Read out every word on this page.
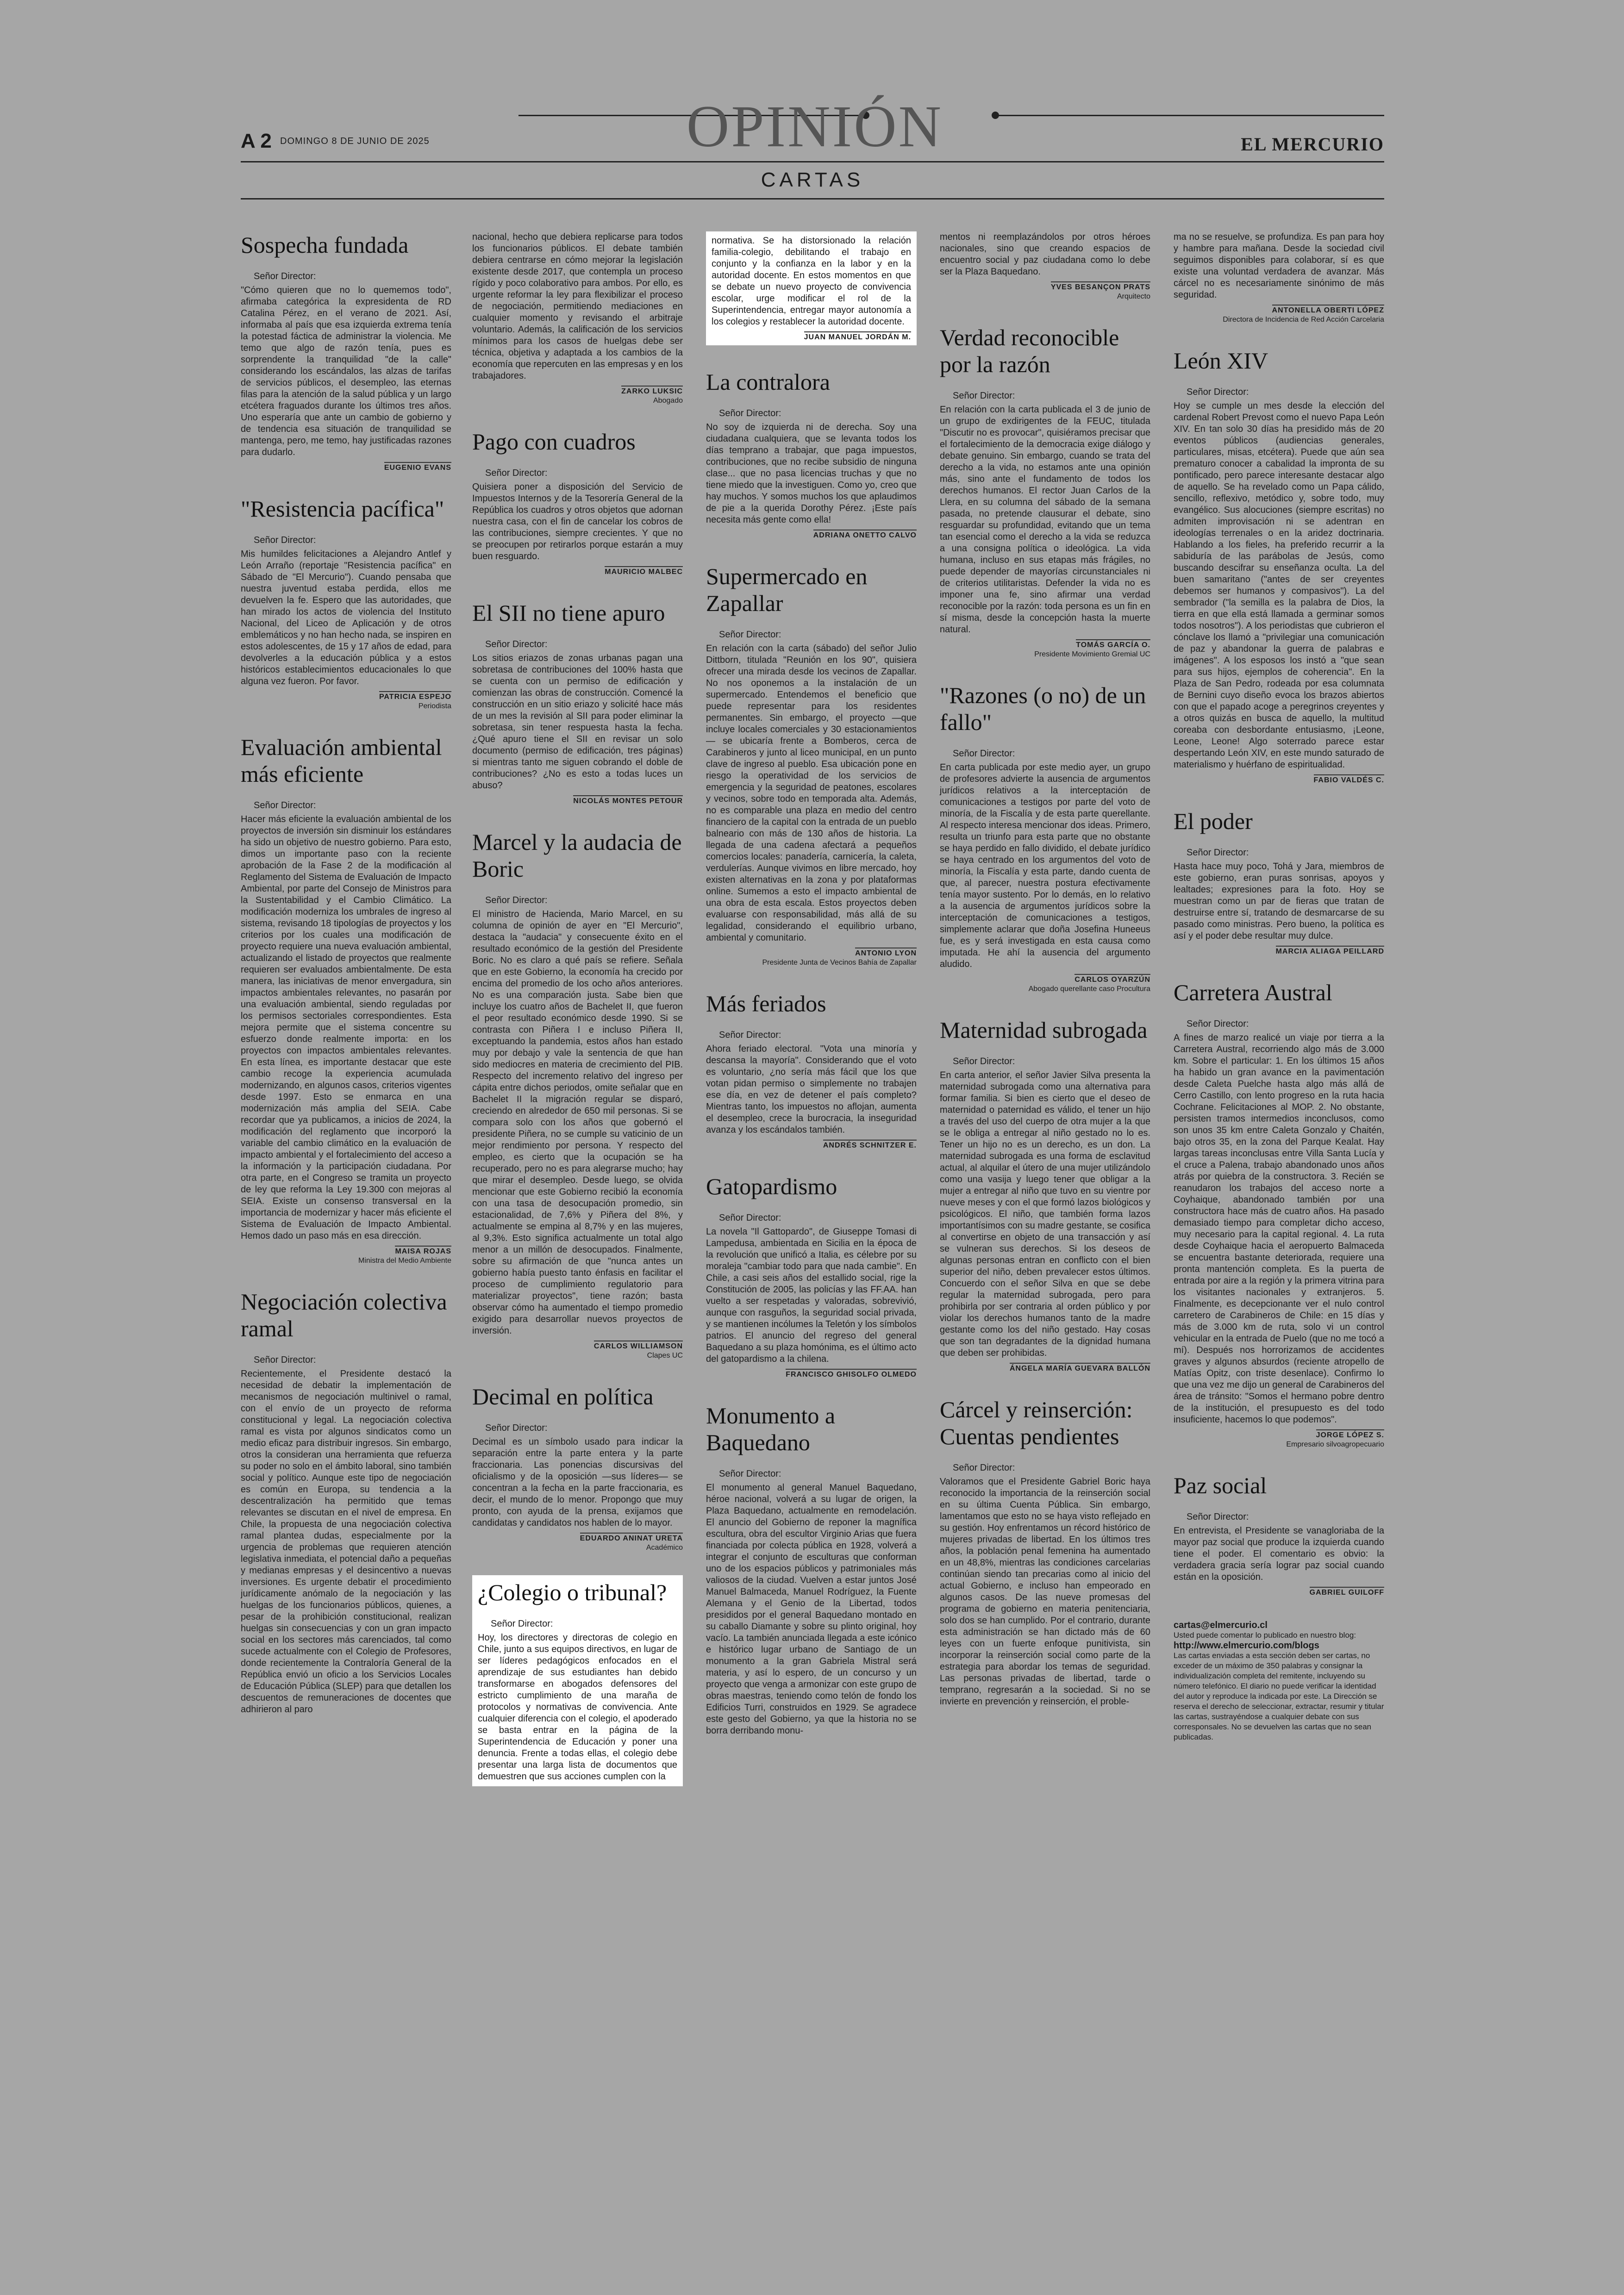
A 2 DOMINGO 8 DE JUNIO DE 2025	OPINIÓN	EL MERCURIO
CARTAS
Sospecha fundada

Señor Director:

"Cómo quieren que no lo quememos todo", afirmaba categórica la expresidenta de RD Catalina Pérez, en el verano de 2021. Así, informaba al país que esa izquierda extrema tenía la potestad fáctica de administrar la violencia. Me temo que algo de razón tenía, pues es sorprendente la tranquilidad "de la calle" considerando los escándalos, las alzas de tarifas de servicios públicos, el desempleo, las eternas filas para la atención de la salud pública y un largo etcétera fraguados durante los últimos tres años. Uno esperaría que ante un cambio de gobierno y de tendencia esa situación de tranquilidad se mantenga, pero, me temo, hay justificadas razones para dudarlo.

EUGENIO EVANS
"Resistencia pacífica"

Señor Director:

Mis humildes felicitaciones a Alejandro Antlef y León Arraño (reportaje "Resistencia pacífica" en Sábado de "El Mercurio"). Cuando pensaba que nuestra juventud estaba perdida, ellos me devuelven la fe. Espero que las autoridades, que han mirado los actos de violencia del Instituto Nacional, del Liceo de Aplicación y de otros emblemáticos y no han hecho nada, se inspiren en estos adolescentes, de 15 y 17 años de edad, para devolverles a la educación pública y a estos históricos establecimientos educacionales lo que alguna vez fueron. Por favor.

PATRICIA ESPEJO
Periodista
Evaluación ambiental más eficiente

Señor Director:

Hacer más eficiente la evaluación ambiental de los proyectos de inversión sin disminuir los estándares ha sido un objetivo de nuestro gobierno. Para esto, dimos un importante paso con la reciente aprobación de la Fase 2 de la modificación al Reglamento del Sistema de Evaluación de Impacto Ambiental, por parte del Consejo de Ministros para la Sustentabilidad y el Cambio Climático. La modificación moderniza los umbrales de ingreso al sistema, revisando 18 tipologías de proyectos y los criterios por los cuales una modificación de proyecto requiere una nueva evaluación ambiental, actualizando el listado de proyectos que realmente requieren ser evaluados ambientalmente. De esta manera, las iniciativas de menor envergadura, sin impactos ambientales relevantes, no pasarán por una evaluación ambiental, siendo reguladas por los permisos sectoriales correspondientes. Esta mejora permite que el sistema concentre su esfuerzo donde realmente importa: en los proyectos con impactos ambientales relevantes. En esta línea, es importante destacar que este cambio recoge la experiencia acumulada modernizando, en algunos casos, criterios vigentes desde 1997. Esto se enmarca en una modernización más amplia del SEIA. Cabe recordar que ya publicamos, a inicios de 2024, la modificación del reglamento que incorporó la variable del cambio climático en la evaluación de impacto ambiental y el fortalecimiento del acceso a la información y la participación ciudadana. Por otra parte, en el Congreso se tramita un proyecto de ley que reforma la Ley 19.300 con mejoras al SEIA. Existe un consenso transversal en la importancia de modernizar y hacer más eficiente el Sistema de Evaluación de Impacto Ambiental. Hemos dado un paso más en esa dirección.

MAISA ROJAS
Ministra del Medio Ambiente
Negociación colectiva ramal

Señor Director:

Recientemente, el Presidente destacó la necesidad de debatir la implementación de mecanismos de negociación multinivel o ramal, con el envío de un proyecto de reforma constitucional y legal. La negociación colectiva ramal es vista por algunos sindicatos como un medio eficaz para distribuir ingresos. Sin embargo, otros la consideran una herramienta que refuerza su poder no solo en el ámbito laboral, sino también social y político. Aunque este tipo de negociación es común en Europa, su tendencia a la descentralización ha permitido que temas relevantes se discutan en el nivel de empresa. En Chile, la propuesta de una negociación colectiva ramal plantea dudas, especialmente por la urgencia de problemas que requieren atención legislativa inmediata, el potencial daño a pequeñas y medianas empresas y el desincentivo a nuevas inversiones. Es urgente debatir el procedimiento jurídicamente anómalo de la negociación y las huelgas de los funcionarios públicos, quienes, a pesar de la prohibición constitucional, realizan huelgas sin consecuencias y con un gran impacto social en los sectores más carenciados, tal como sucede actualmente con el Colegio de Profesores, donde recientemente la Contraloría General de la República envió un oficio a los Servicios Locales de Educación Pública (SLEP) para que detallen los descuentos de remuneraciones de docentes que adhirieron al paro

nacional, hecho que debiera replicarse para todos los funcionarios públicos. El debate también debiera centrarse en cómo mejorar la legislación existente desde 2017, que contempla un proceso rígido y poco colaborativo para ambos. Por ello, es urgente reformar la ley para flexibilizar el proceso de negociación, permitiendo mediaciones en cualquier momento y revisando el arbitraje voluntario. Además, la calificación de los servicios mínimos para los casos de huelgas debe ser técnica, objetiva y adaptada a los cambios de la economía que repercuten en las empresas y en los trabajadores.

ZARKO LUKSIC
Abogado
Pago con cuadros

Señor Director:

Quisiera poner a disposición del Servicio de Impuestos Internos y de la Tesorería General de la República los cuadros y otros objetos que adornan nuestra casa, con el fin de cancelar los cobros de las contribuciones, siempre crecientes. Y que no se preocupen por retirarlos porque estarán a muy buen resguardo.

MAURICIO MALBEC
El SII no tiene apuro

Señor Director:

Los sitios eriazos de zonas urbanas pagan una sobretasa de contribuciones del 100% hasta que se cuenta con un permiso de edificación y comienzan las obras de construcción. Comencé la construcción en un sitio eriazo y solicité hace más de un mes la revisión al SII para poder eliminar la sobretasa, sin tener respuesta hasta la fecha. ¿Qué apuro tiene el SII en revisar un solo documento (permiso de edificación, tres páginas) si mientras tanto me siguen cobrando el doble de contribuciones? ¿No es esto a todas luces un abuso?

NICOLÁS MONTES PETOUR
Marcel y la audacia de Boric

Señor Director:

El ministro de Hacienda, Mario Marcel, en su columna de opinión de ayer en "El Mercurio", destaca la "audacia" y consecuente éxito en el resultado económico de la gestión del Presidente Boric. No es claro a qué país se refiere. Señala que en este Gobierno, la economía ha crecido por encima del promedio de los ocho años anteriores. No es una comparación justa. Sabe bien que incluye los cuatro años de Bachelet II, que fueron el peor resultado económico desde 1990. Si se contrasta con Piñera I e incluso Piñera II, exceptuando la pandemia, estos años han estado muy por debajo y vale la sentencia de que han sido mediocres en materia de crecimiento del PIB. Respecto del incremento relativo del ingreso per cápita entre dichos periodos, omite señalar que en Bachelet II la migración regular se disparó, creciendo en alrededor de 650 mil personas. Si se compara solo con los años que gobernó el presidente Piñera, no se cumple su vaticinio de un mejor rendimiento por persona. Y respecto del empleo, es cierto que la ocupación se ha recuperado, pero no es para alegrarse mucho; hay que mirar el desempleo. Desde luego, se olvida mencionar que este Gobierno recibió la economía con una tasa de desocupación promedio, sin estacionalidad, de 7,6% y Piñera del 8%, y actualmente se empina al 8,7% y en las mujeres, al 9,3%. Esto significa actualmente un total algo menor a un millón de desocupados. Finalmente, sobre su afirmación de que "nunca antes un gobierno había puesto tanto énfasis en facilitar el proceso de cumplimiento regulatorio para materializar proyectos", tiene razón; basta observar cómo ha aumentado el tiempo promedio exigido para desarrollar nuevos proyectos de inversión.

CARLOS WILLIAMSON
Clapes UC
Decimal en política

Señor Director:

Decimal es un símbolo usado para indicar la separación entre la parte entera y la parte fraccionaria. Las ponencias discursivas del oficialismo y de la oposición —sus líderes— se concentran a la fecha en la parte fraccionaria, es decir, el mundo de lo menor. Propongo que muy pronto, con ayuda de la prensa, exijamos que candidatas y candidatos nos hablen de lo mayor.

EDUARDO ANINAT URETA
Académico
¿Colegio o tribunal?

Señor Director:

Hoy, los directores y directoras de colegio en Chile, junto a sus equipos directivos, en lugar de ser líderes pedagógicos enfocados en el aprendizaje de sus estudiantes han debido transformarse en abogados defensores del estricto cumplimiento de una maraña de protocolos y normativas de convivencia. Ante cualquier diferencia con el colegio, el apoderado se basta entrar en la página de la Superintendencia de Educación y poner una denuncia. Frente a todas ellas, el colegio debe presentar una larga lista de documentos que demuestren que sus acciones cumplen con la

normativa. Se ha distorsionado la relación familia-colegio, debilitando el trabajo en conjunto y la confianza en la labor y en la autoridad docente. En estos momentos en que se debate un nuevo proyecto de convivencia escolar, urge modificar el rol de la Superintendencia, entregar mayor autonomía a los colegios y restablecer la autoridad docente.

JUAN MANUEL JORDÁN M.
La contralora

Señor Director:

No soy de izquierda ni de derecha. Soy una ciudadana cualquiera, que se levanta todos los días temprano a trabajar, que paga impuestos, contribuciones, que no recibe subsidio de ninguna clase... que no pasa licencias truchas y que no tiene miedo que la investiguen. Como yo, creo que hay muchos. Y somos muchos los que aplaudimos de pie a la querida Dorothy Pérez. ¡Este país necesita más gente como ella!

ADRIANA ONETTO CALVO
Supermercado en Zapallar

Señor Director:

En relación con la carta (sábado) del señor Julio Dittborn, titulada "Reunión en los 90", quisiera ofrecer una mirada desde los vecinos de Zapallar. No nos oponemos a la instalación de un supermercado. Entendemos el beneficio que puede representar para los residentes permanentes. Sin embargo, el proyecto —que incluye locales comerciales y 30 estacionamientos— se ubicaría frente a Bomberos, cerca de Carabineros y junto al liceo municipal, en un punto clave de ingreso al pueblo. Esa ubicación pone en riesgo la operatividad de los servicios de emergencia y la seguridad de peatones, escolares y vecinos, sobre todo en temporada alta. Además, no es comparable una plaza en medio del centro financiero de la capital con la entrada de un pueblo balneario con más de 130 años de historia. La llegada de una cadena afectará a pequeños comercios locales: panadería, carnicería, la caleta, verdulerías. Aunque vivimos en libre mercado, hoy existen alternativas en la zona y por plataformas online. Sumemos a esto el impacto ambiental de una obra de esta escala. Estos proyectos deben evaluarse con responsabilidad, más allá de su legalidad, considerando el equilibrio urbano, ambiental y comunitario.

ANTONIO LYON
Presidente Junta de Vecinos Bahía de Zapallar
Más feriados

Señor Director:

Ahora feriado electoral. "Vota una minoría y descansa la mayoría". Considerando que el voto es voluntario, ¿no sería más fácil que los que votan pidan permiso o simplemente no trabajen ese día, en vez de detener el país completo? Mientras tanto, los impuestos no aflojan, aumenta el desempleo, crece la burocracia, la inseguridad avanza y los escándalos también.

ANDRÉS SCHNITZER E.
Gatopardismo

Señor Director:

La novela "Il Gattopardo", de Giuseppe Tomasi di Lampedusa, ambientada en Sicilia en la época de la revolución que unificó a Italia, es célebre por su moraleja "cambiar todo para que nada cambie". En Chile, a casi seis años del estallido social, rige la Constitución de 2005, las policías y las FF.AA. han vuelto a ser respetadas y valoradas, sobrevivió, aunque con rasguños, la seguridad social privada, y se mantienen incólumes la Teletón y los símbolos patrios. El anuncio del regreso del general Baquedano a su plaza homónima, es el último acto del gatopardismo a la chilena.

FRANCISCO GHISOLFO OLMEDO
Monumento a Baquedano

Señor Director:

El monumento al general Manuel Baquedano, héroe nacional, volverá a su lugar de origen, la Plaza Baquedano, actualmente en remodelación. El anuncio del Gobierno de reponer la magnífica escultura, obra del escultor Virginio Arias que fuera financiada por colecta pública en 1928, volverá a integrar el conjunto de esculturas que conforman uno de los espacios públicos y patrimoniales más valiosos de la ciudad. Vuelven a estar juntos José Manuel Balmaceda, Manuel Rodríguez, la Fuente Alemana y el Genio de la Libertad, todos presididos por el general Baquedano montado en su caballo Diamante y sobre su plinto original, hoy vacío. La también anunciada llegada a este icónico e histórico lugar urbano de Santiago de un monumento a la gran Gabriela Mistral será materia, y así lo espero, de un concurso y un proyecto que venga a armonizar con este grupo de obras maestras, teniendo como telón de fondo los Edificios Turri, construidos en 1929. Se agradece este gesto del Gobierno, ya que la historia no se borra derribando monu-

mentos ni reemplazándolos por otros héroes nacionales, sino que creando espacios de encuentro social y paz ciudadana como lo debe ser la Plaza Baquedano.

YVES BESANÇON PRATS
Arquitecto
Verdad reconocible por la razón

Señor Director:

En relación con la carta publicada el 3 de junio de un grupo de exdirigentes de la FEUC, titulada "Discutir no es provocar", quisiéramos precisar que el fortalecimiento de la democracia exige diálogo y debate genuino. Sin embargo, cuando se trata del derecho a la vida, no estamos ante una opinión más, sino ante el fundamento de todos los derechos humanos. El rector Juan Carlos de la Llera, en su columna del sábado de la semana pasada, no pretende clausurar el debate, sino resguardar su profundidad, evitando que un tema tan esencial como el derecho a la vida se reduzca a una consigna política o ideológica. La vida humana, incluso en sus etapas más frágiles, no puede depender de mayorías circunstanciales ni de criterios utilitaristas. Defender la vida no es imponer una fe, sino afirmar una verdad reconocible por la razón: toda persona es un fin en sí misma, desde la concepción hasta la muerte natural.

TOMÁS GARCÍA O.
Presidente Movimiento Gremial UC
"Razones (o no) de un fallo"

Señor Director:

En carta publicada por este medio ayer, un grupo de profesores advierte la ausencia de argumentos jurídicos relativos a la interceptación de comunicaciones a testigos por parte del voto de minoría, de la Fiscalía y de esta parte querellante. Al respecto interesa mencionar dos ideas. Primero, resulta un triunfo para esta parte que no obstante se haya perdido en fallo dividido, el debate jurídico se haya centrado en los argumentos del voto de minoría, la Fiscalía y esta parte, dando cuenta de que, al parecer, nuestra postura efectivamente tenía mayor sustento. Por lo demás, en lo relativo a la ausencia de argumentos jurídicos sobre la interceptación de comunicaciones a testigos, simplemente aclarar que doña Josefina Huneeus fue, es y será investigada en esta causa como imputada. He ahí la ausencia del argumento aludido.

CARLOS OYARZÚN
Abogado querellante caso Procultura
Maternidad subrogada

Señor Director:

En carta anterior, el señor Javier Silva presenta la maternidad subrogada como una alternativa para formar familia. Si bien es cierto que el deseo de maternidad o paternidad es válido, el tener un hijo a través del uso del cuerpo de otra mujer a la que se le obliga a entregar al niño gestado no lo es. Tener un hijo no es un derecho, es un don. La maternidad subrogada es una forma de esclavitud actual, al alquilar el útero de una mujer utilizándolo como una vasija y luego tener que obligar a la mujer a entregar al niño que tuvo en su vientre por nueve meses y con el que formó lazos biológicos y psicológicos. El niño, que también forma lazos importantísimos con su madre gestante, se cosifica al convertirse en objeto de una transacción y así se vulneran sus derechos. Si los deseos de algunas personas entran en conflicto con el bien superior del niño, deben prevalecer estos últimos. Concuerdo con el señor Silva en que se debe regular la maternidad subrogada, pero para prohibirla por ser contraria al orden público y por violar los derechos humanos tanto de la madre gestante como los del niño gestado. Hay cosas que son tan degradantes de la dignidad humana que deben ser prohibidas.

ÁNGELA MARÍA GUEVARA BALLÓN
Cárcel y reinserción: Cuentas pendientes

Señor Director:

Valoramos que el Presidente Gabriel Boric haya reconocido la importancia de la reinserción social en su última Cuenta Pública. Sin embargo, lamentamos que esto no se haya visto reflejado en su gestión. Hoy enfrentamos un récord histórico de mujeres privadas de libertad. En los últimos tres años, la población penal femenina ha aumentado en un 48,8%, mientras las condiciones carcelarias continúan siendo tan precarias como al inicio del actual Gobierno, e incluso han empeorado en algunos casos. De las nueve promesas del programa de gobierno en materia penitenciaria, solo dos se han cumplido. Por el contrario, durante esta administración se han dictado más de 60 leyes con un fuerte enfoque punitivista, sin incorporar la reinserción social como parte de la estrategia para abordar los temas de seguridad. Las personas privadas de libertad, tarde o temprano, regresarán a la sociedad. Si no se invierte en prevención y reinserción, el proble-

ma no se resuelve, se profundiza. Es pan para hoy y hambre para mañana. Desde la sociedad civil seguimos disponibles para colaborar, sí es que existe una voluntad verdadera de avanzar. Más cárcel no es necesariamente sinónimo de más seguridad.

ANTONELLA OBERTI LÓPEZ
Directora de Incidencia de Red Acción Carcelaria
León XIV

Señor Director:

Hoy se cumple un mes desde la elección del cardenal Robert Prevost como el nuevo Papa León XIV. En tan solo 30 días ha presidido más de 20 eventos públicos (audiencias generales, particulares, misas, etcétera). Puede que aún sea prematuro conocer a cabalidad la impronta de su pontificado, pero parece interesante destacar algo de aquello. Se ha revelado como un Papa cálido, sencillo, reflexivo, metódico y, sobre todo, muy evangélico. Sus alocuciones (siempre escritas) no admiten improvisación ni se adentran en ideologías terrenales o en la aridez doctrinaria. Hablando a los fieles, ha preferido recurrir a la sabiduría de las parábolas de Jesús, como buscando descifrar su enseñanza oculta. La del buen samaritano ("antes de ser creyentes debemos ser humanos y compasivos"). La del sembrador ("la semilla es la palabra de Dios, la tierra en que ella está llamada a germinar somos todos nosotros"). A los periodistas que cubrieron el cónclave los llamó a "privilegiar una comunicación de paz y abandonar la guerra de palabras e imágenes". A los esposos los instó a "que sean para sus hijos, ejemplos de coherencia". En la Plaza de San Pedro, rodeada por esa columnata de Bernini cuyo diseño evoca los brazos abiertos con que el papado acoge a peregrinos creyentes y a otros quizás en busca de aquello, la multitud coreaba con desbordante entusiasmo, ¡Leone, Leone, Leone! Algo soterrado parece estar despertando León XIV, en este mundo saturado de materialismo y huérfano de espiritualidad.

FABIO VALDÉS C.
El poder

Señor Director:

Hasta hace muy poco, Tohá y Jara, miembros de este gobierno, eran puras sonrisas, apoyos y lealtades; expresiones para la foto. Hoy se muestran como un par de fieras que tratan de destruirse entre sí, tratando de desmarcarse de su pasado como ministras. Pero bueno, la política es así y el poder debe resultar muy dulce.

MARCIA ALIAGA PEILLARD
Carretera Austral

Señor Director:

A fines de marzo realicé un viaje por tierra a la Carretera Austral, recorriendo algo más de 3.000 km. Sobre el particular: 1. En los últimos 15 años ha habido un gran avance en la pavimentación desde Caleta Puelche hasta algo más allá de Cerro Castillo, con lento progreso en la ruta hacia Cochrane. Felicitaciones al MOP. 2. No obstante, persisten tramos intermedios inconclusos, como son unos 35 km entre Caleta Gonzalo y Chaitén, bajo otros 35, en la zona del Parque Kealat. Hay largas tareas inconclusas entre Villa Santa Lucía y el cruce a Palena, trabajo abandonado unos años atrás por quiebra de la constructora. 3. Recién se reanudaron los trabajos del acceso norte a Coyhaique, abandonado también por una constructora hace más de cuatro años. Ha pasado demasiado tiempo para completar dicho acceso, muy necesario para la capital regional. 4. La ruta desde Coyhaique hacia el aeropuerto Balmaceda se encuentra bastante deteriorada, requiere una pronta mantención completa. Es la puerta de entrada por aire a la región y la primera vitrina para los visitantes nacionales y extranjeros. 5. Finalmente, es decepcionante ver el nulo control carretero de Carabineros de Chile: en 15 días y más de 3.000 km de ruta, solo vi un control vehicular en la entrada de Puelo (que no me tocó a mí). Después nos horrorizamos de accidentes graves y algunos absurdos (reciente atropello de Matías Opitz, con triste desenlace). Confirmo lo que una vez me dijo un general de Carabineros del área de tránsito: "Somos el hermano pobre dentro de la institución, el presupuesto es del todo insuficiente, hacemos lo que podemos".

JORGE LÓPEZ S.
Empresario silvoagropecuario
Paz social

Señor Director:

En entrevista, el Presidente se vanagloriaba de la mayor paz social que produce la izquierda cuando tiene el poder. El comentario es obvio: la verdadera gracia sería lograr paz social cuando están en la oposición.

GABRIEL GUILOFF
cartas@elmercurio.cl
Usted puede comentar lo publicado en nuestro blog:
http://www.elmercurio.com/blogs
Las cartas enviadas a esta sección deben ser cartas, no exceder de un máximo de 350 palabras y consignar la individualización completa del remitente, incluyendo su número telefónico. El diario no puede verificar la identidad del autor y reproduce la indicada por este. La Dirección se reserva el derecho de seleccionar, extractar, resumir y titular las cartas, sustrayéndose a cualquier debate con sus corresponsales. No se devuelven las cartas que no sean publicadas.
